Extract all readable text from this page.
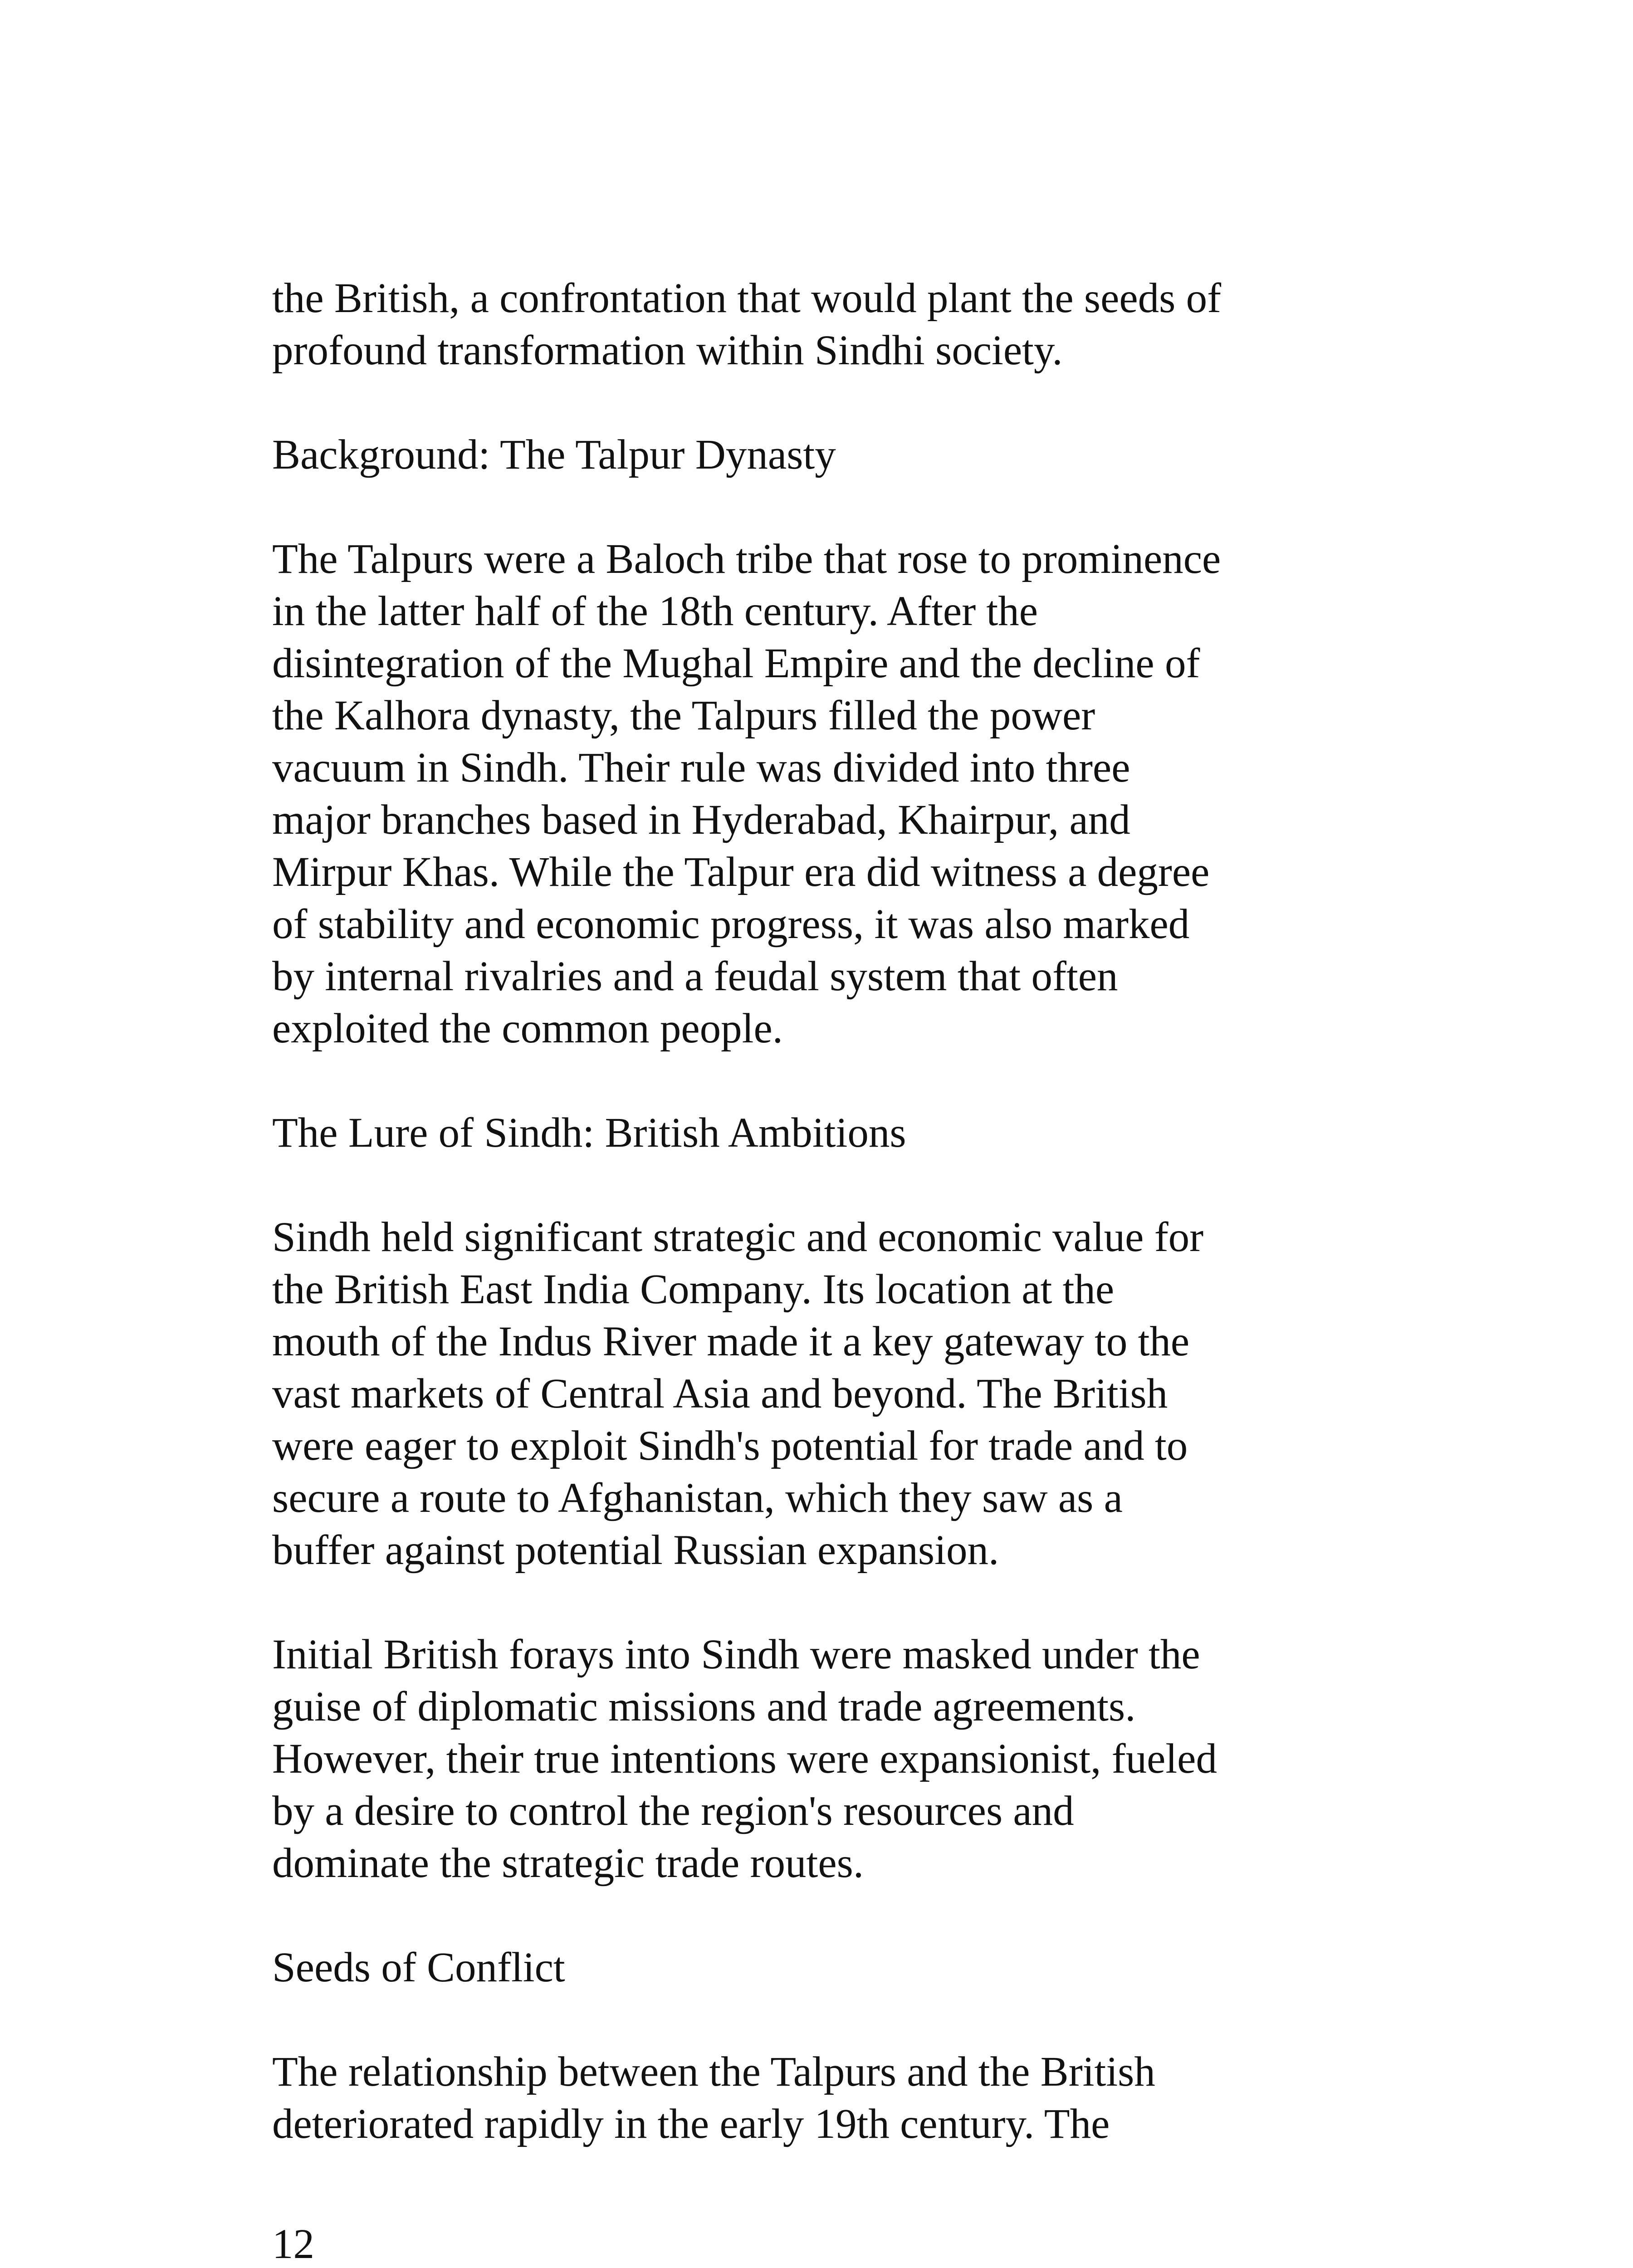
the British, a confrontation that would plant the seeds of
profound transformation within Sindhi society.
Background: The Talpur Dynasty
The Talpurs were a Baloch tribe that rose to prominence
in the latter half of the 18th century. After the
disintegration of the Mughal Empire and the decline of
the Kalhora dynasty, the Talpurs filled the power
vacuum in Sindh. Their rule was divided into three
major branches based in Hyderabad, Khairpur, and
Mirpur Khas. While the Talpur era did witness a degree
of stability and economic progress, it was also marked
by internal rivalries and a feudal system that often
exploited the common people.
The Lure of Sindh: British Ambitions
Sindh held significant strategic and economic value for
the British East India Company. Its location at the
mouth of the Indus River made it a key gateway to the
vast markets of Central Asia and beyond. The British
were eager to exploit Sindh's potential for trade and to
secure a route to Afghanistan, which they saw as a
buffer against potential Russian expansion.
Initial British forays into Sindh were masked under the
guise of diplomatic missions and trade agreements.
However, their true intentions were expansionist, fueled
by a desire to control the region's resources and
dominate the strategic trade routes.
Seeds of Conflict
The relationship between the Talpurs and the British
deteriorated rapidly in the early 19th century. The
12
